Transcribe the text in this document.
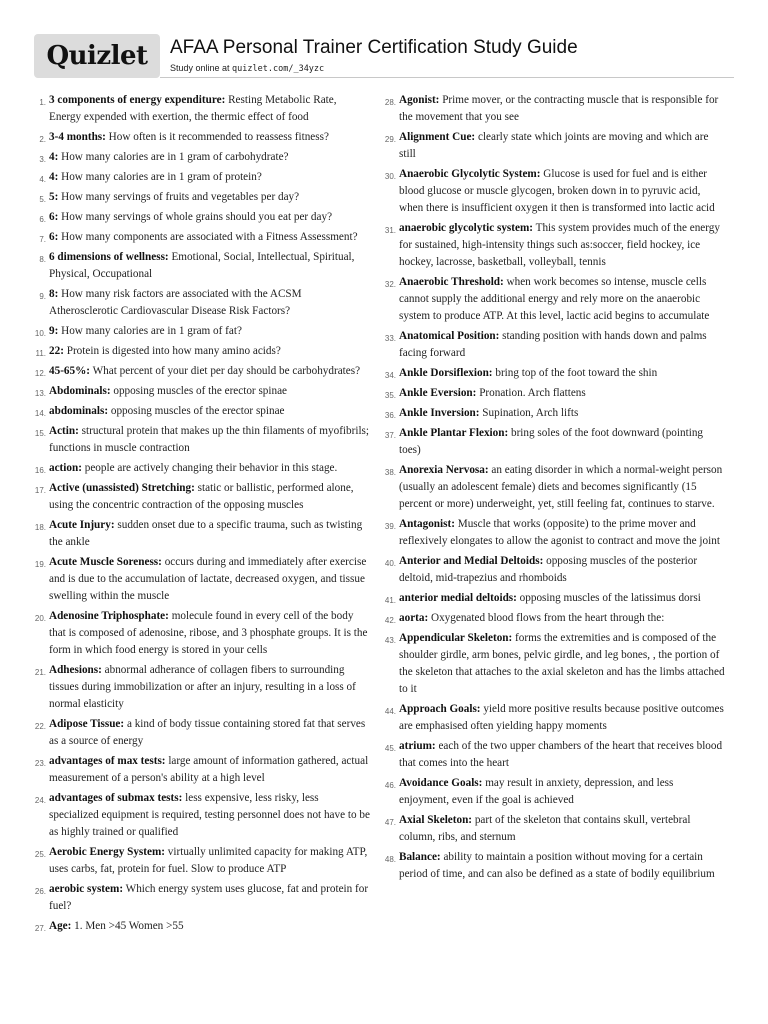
Quizlet	AFAA Personal Trainer Certification Study Guide
Study online at quizlet.com/_34yzc
1. 3 components of energy expenditure: Resting Metabolic Rate, Energy expended with exertion, the thermic effect of food
2. 3-4 months: How often is it recommended to reassess fitness?
3. 4: How many calories are in 1 gram of carbohydrate?
4. 4: How many calories are in 1 gram of protein?
5. 5: How many servings of fruits and vegetables per day?
6. 6: How many servings of whole grains should you eat per day?
7. 6: How many components are associated with a Fitness Assessment?
8. 6 dimensions of wellness: Emotional, Social, Intellectual, Spiritual, Physical, Occupational
9. 8: How many risk factors are associated with the ACSM Atherosclerotic Cardiovascular Disease Risk Factors?
10. 9: How many calories are in 1 gram of fat?
11. 22: Protein is digested into how many amino acids?
12. 45-65%: What percent of your diet per day should be carbohydrates?
13. Abdominals: opposing muscles of the erector spinae
14. abdominals: opposing muscles of the erector spinae
15. Actin: structural protein that makes up the thin filaments of myofibrils; functions in muscle contraction
16. action: people are actively changing their behavior in this stage.
17. Active (unassisted) Stretching: static or ballistic, performed alone, using the concentric contraction of the opposing muscles
18. Acute Injury: sudden onset due to a specific trauma, such as twisting the ankle
19. Acute Muscle Soreness: occurs during and immediately after exercise and is due to the accumulation of lactate, decreased oxygen, and tissue swelling within the muscle
20. Adenosine Triphosphate: molecule found in every cell of the body that is composed of adenosine, ribose, and 3 phosphate groups. It is the form in which food energy is stored in your cells
21. Adhesions: abnormal adherance of collagen fibers to surrounding tissues during immobilization or after an injury, resulting in a loss of normal elasticity
22. Adipose Tissue: a kind of body tissue containing stored fat that serves as a source of energy
23. advantages of max tests: large amount of information gathered, actual measurement of a person's ability at a high level
24. advantages of submax tests: less expensive, less risky, less specialized equipment is required, testing personnel does not have to be as highly trained or qualified
25. Aerobic Energy System: virtually unlimited capacity for making ATP, uses carbs, fat, protein for fuel. Slow to produce ATP
26. aerobic system: Which energy system uses glucose, fat and protein for fuel?
27. Age: 1. Men >45 Women >55
28. Agonist: Prime mover, or the contracting muscle that is responsible for the movement that you see
29. Alignment Cue: clearly state which joints are moving and which are still
30. Anaerobic Glycolytic System: Glucose is used for fuel and is either blood glucose or muscle glycogen, broken down in to pyruvic acid, when there is insufficient oxygen it then is transformed into lactic acid
31. anaerobic glycolytic system: This system provides much of the energy for sustained, high-intensity things such as:soccer, field hockey, ice hockey, lacrosse, basketball, volleyball, tennis
32. Anaerobic Threshold: when work becomes so intense, muscle cells cannot supply the additional energy and rely more on the anaerobic system to produce ATP. At this level, lactic acid begins to accumulate
33. Anatomical Position: standing position with hands down and palms facing forward
34. Ankle Dorsiflexion: bring top of the foot toward the shin
35. Ankle Eversion: Pronation. Arch flattens
36. Ankle Inversion: Supination, Arch lifts
37. Ankle Plantar Flexion: bring soles of the foot downward (pointing toes)
38. Anorexia Nervosa: an eating disorder in which a normal-weight person (usually an adolescent female) diets and becomes significantly (15 percent or more) underweight, yet, still feeling fat, continues to starve.
39. Antagonist: Muscle that works (opposite) to the prime mover and reflexively elongates to allow the agonist to contract and move the joint
40. Anterior and Medial Deltoids: opposing muscles of the posterior deltoid, mid-trapezius and rhomboids
41. anterior medial deltoids: opposing muscles of the latissimus dorsi
42. aorta: Oxygenated blood flows from the heart through the:
43. Appendicular Skeleton: forms the extremities and is composed of the shoulder girdle, arm bones, pelvic girdle, and leg bones, , the portion of the skeleton that attaches to the axial skeleton and has the limbs attached to it
44. Approach Goals: yield more positive results because positive outcomes are emphasised often yielding happy moments
45. atrium: each of the two upper chambers of the heart that receives blood that comes into the heart
46. Avoidance Goals: may result in anxiety, depression, and less enjoyment, even if the goal is achieved
47. Axial Skeleton: part of the skeleton that contains skull, vertebral column, ribs, and sternum
48. Balance: ability to maintain a position without moving for a certain period of time, and can also be defined as a state of bodily equilibrium
